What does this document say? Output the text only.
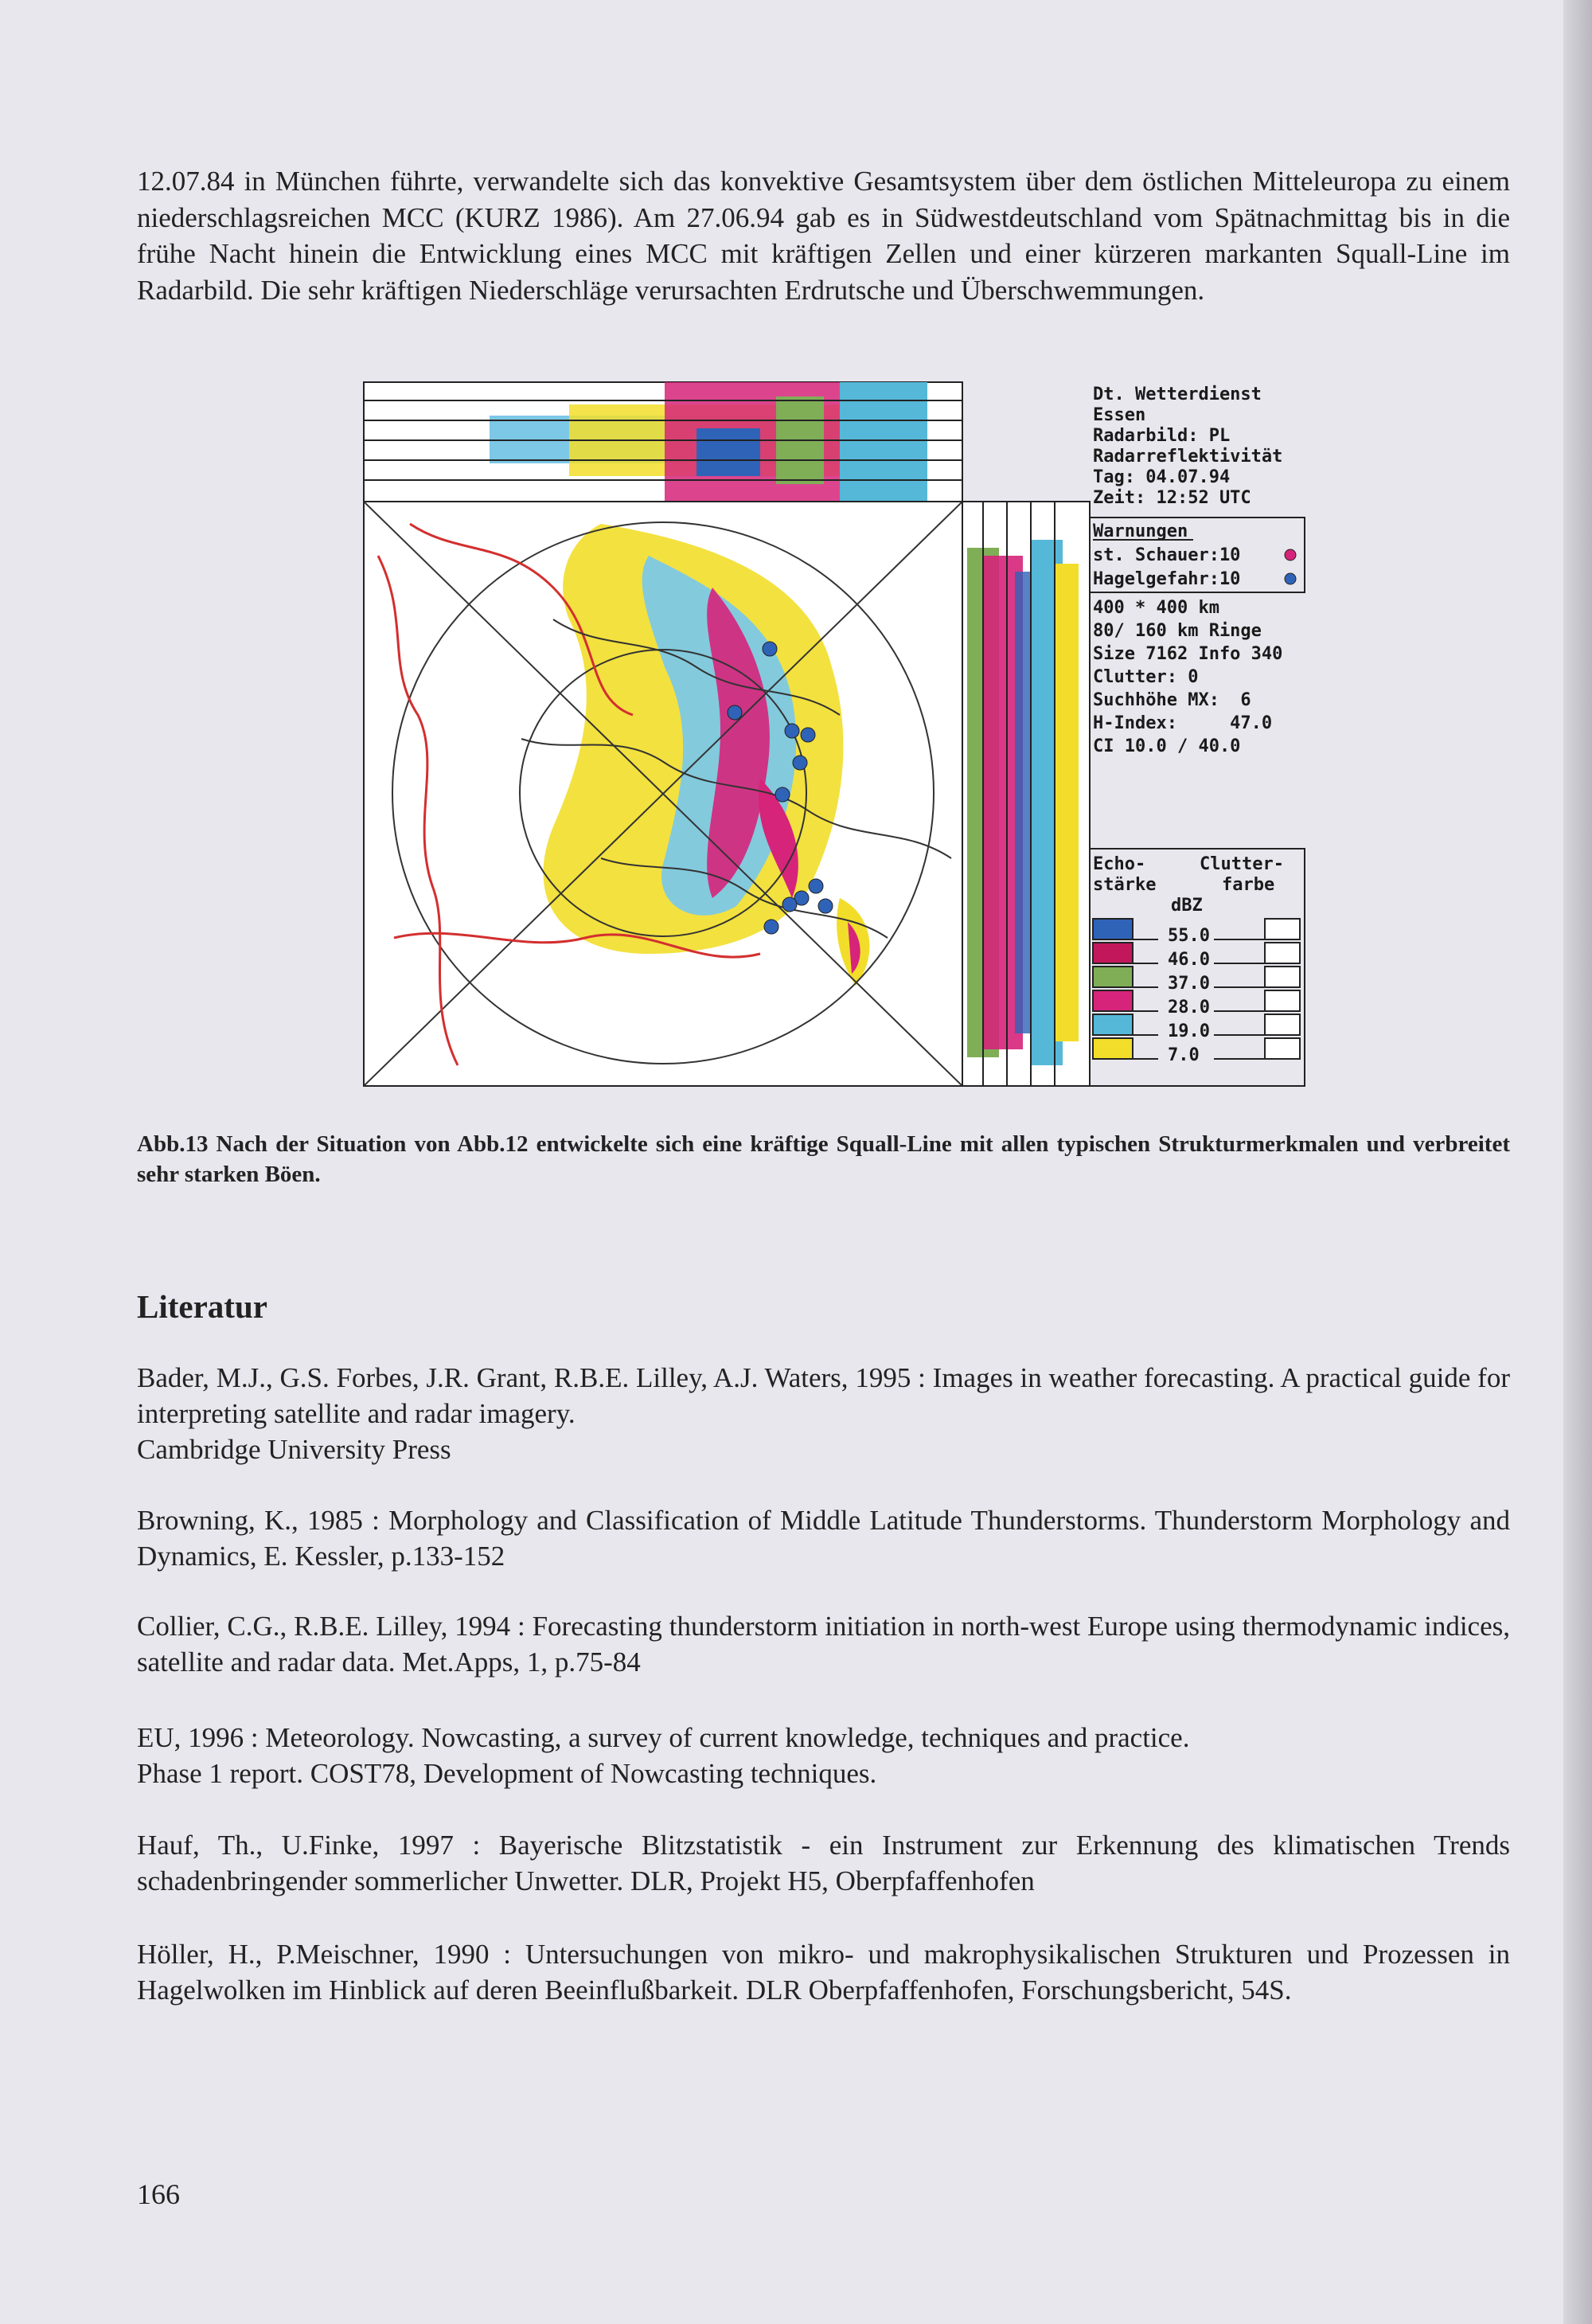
12.07.84 in München führte, verwandelte sich das konvektive Gesamtsystem über dem östlichen Mitteleuropa zu einem niederschlagsreichen MCC (KURZ 1986). Am 27.06.94 gab es in Südwestdeutschland vom Spätnachmittag bis in die frühe Nacht hinein die Entwicklung eines MCC mit kräftigen Zellen und einer kürzeren markanten Squall-Line im Radarbild. Die sehr kräftigen Niederschläge verursachten Erdrutsche und Überschwemmungen.

Dt. Wetterdienst
Essen
Radarbild: PL
Radarreflektivität
Tag: 04.07.94
Zeit: 12:52 UTC
Warnungen
st. Schauer:10
Hagelgefahr:10
400 * 400 km
80/ 160 km Ringe
Size 7162 Info 340
Clutter: 0
Suchhöhe MX:  6
H-Index:     47.0
CI 10.0 / 40.0
Echo-
stärke
Clutter-
farbe
dBZ
55.0
46.0
37.0
28.0
19.0
7.0

Abb.13 Nach der Situation von Abb.12 entwickelte sich eine kräftige Squall-Line mit allen typischen Strukturmerkmalen und verbreitet sehr starken Böen.

Literatur

Bader, M.J., G.S. Forbes, J.R. Grant, R.B.E. Lilley, A.J. Waters, 1995 : Images in weather forecasting. A practical guide for interpreting satellite and radar imagery.
Cambridge University Press

Browning, K., 1985 : Morphology and Classification of Middle Latitude Thunderstorms. Thunderstorm Morphology and Dynamics, E. Kessler, p.133-152

Collier, C.G., R.B.E. Lilley, 1994 : Forecasting thunderstorm initiation in north-west Europe using thermodynamic indices, satellite and radar data. Met.Apps, 1, p.75-84

EU, 1996 : Meteorology. Nowcasting, a survey of current knowledge, techniques and practice.
Phase 1 report. COST78, Development of Nowcasting techniques.

Hauf, Th., U.Finke, 1997 : Bayerische Blitzstatistik - ein Instrument zur Erkennung des klimatischen Trends schadenbringender sommerlicher Unwetter. DLR, Projekt H5, Oberpfaffenhofen

Höller, H., P.Meischner, 1990 : Untersuchungen von mikro- und makrophysikalischen Strukturen und Prozessen in Hagelwolken im Hinblick auf deren Beeinflußbarkeit. DLR Oberpfaffenhofen, Forschungsbericht, 54S.

166
